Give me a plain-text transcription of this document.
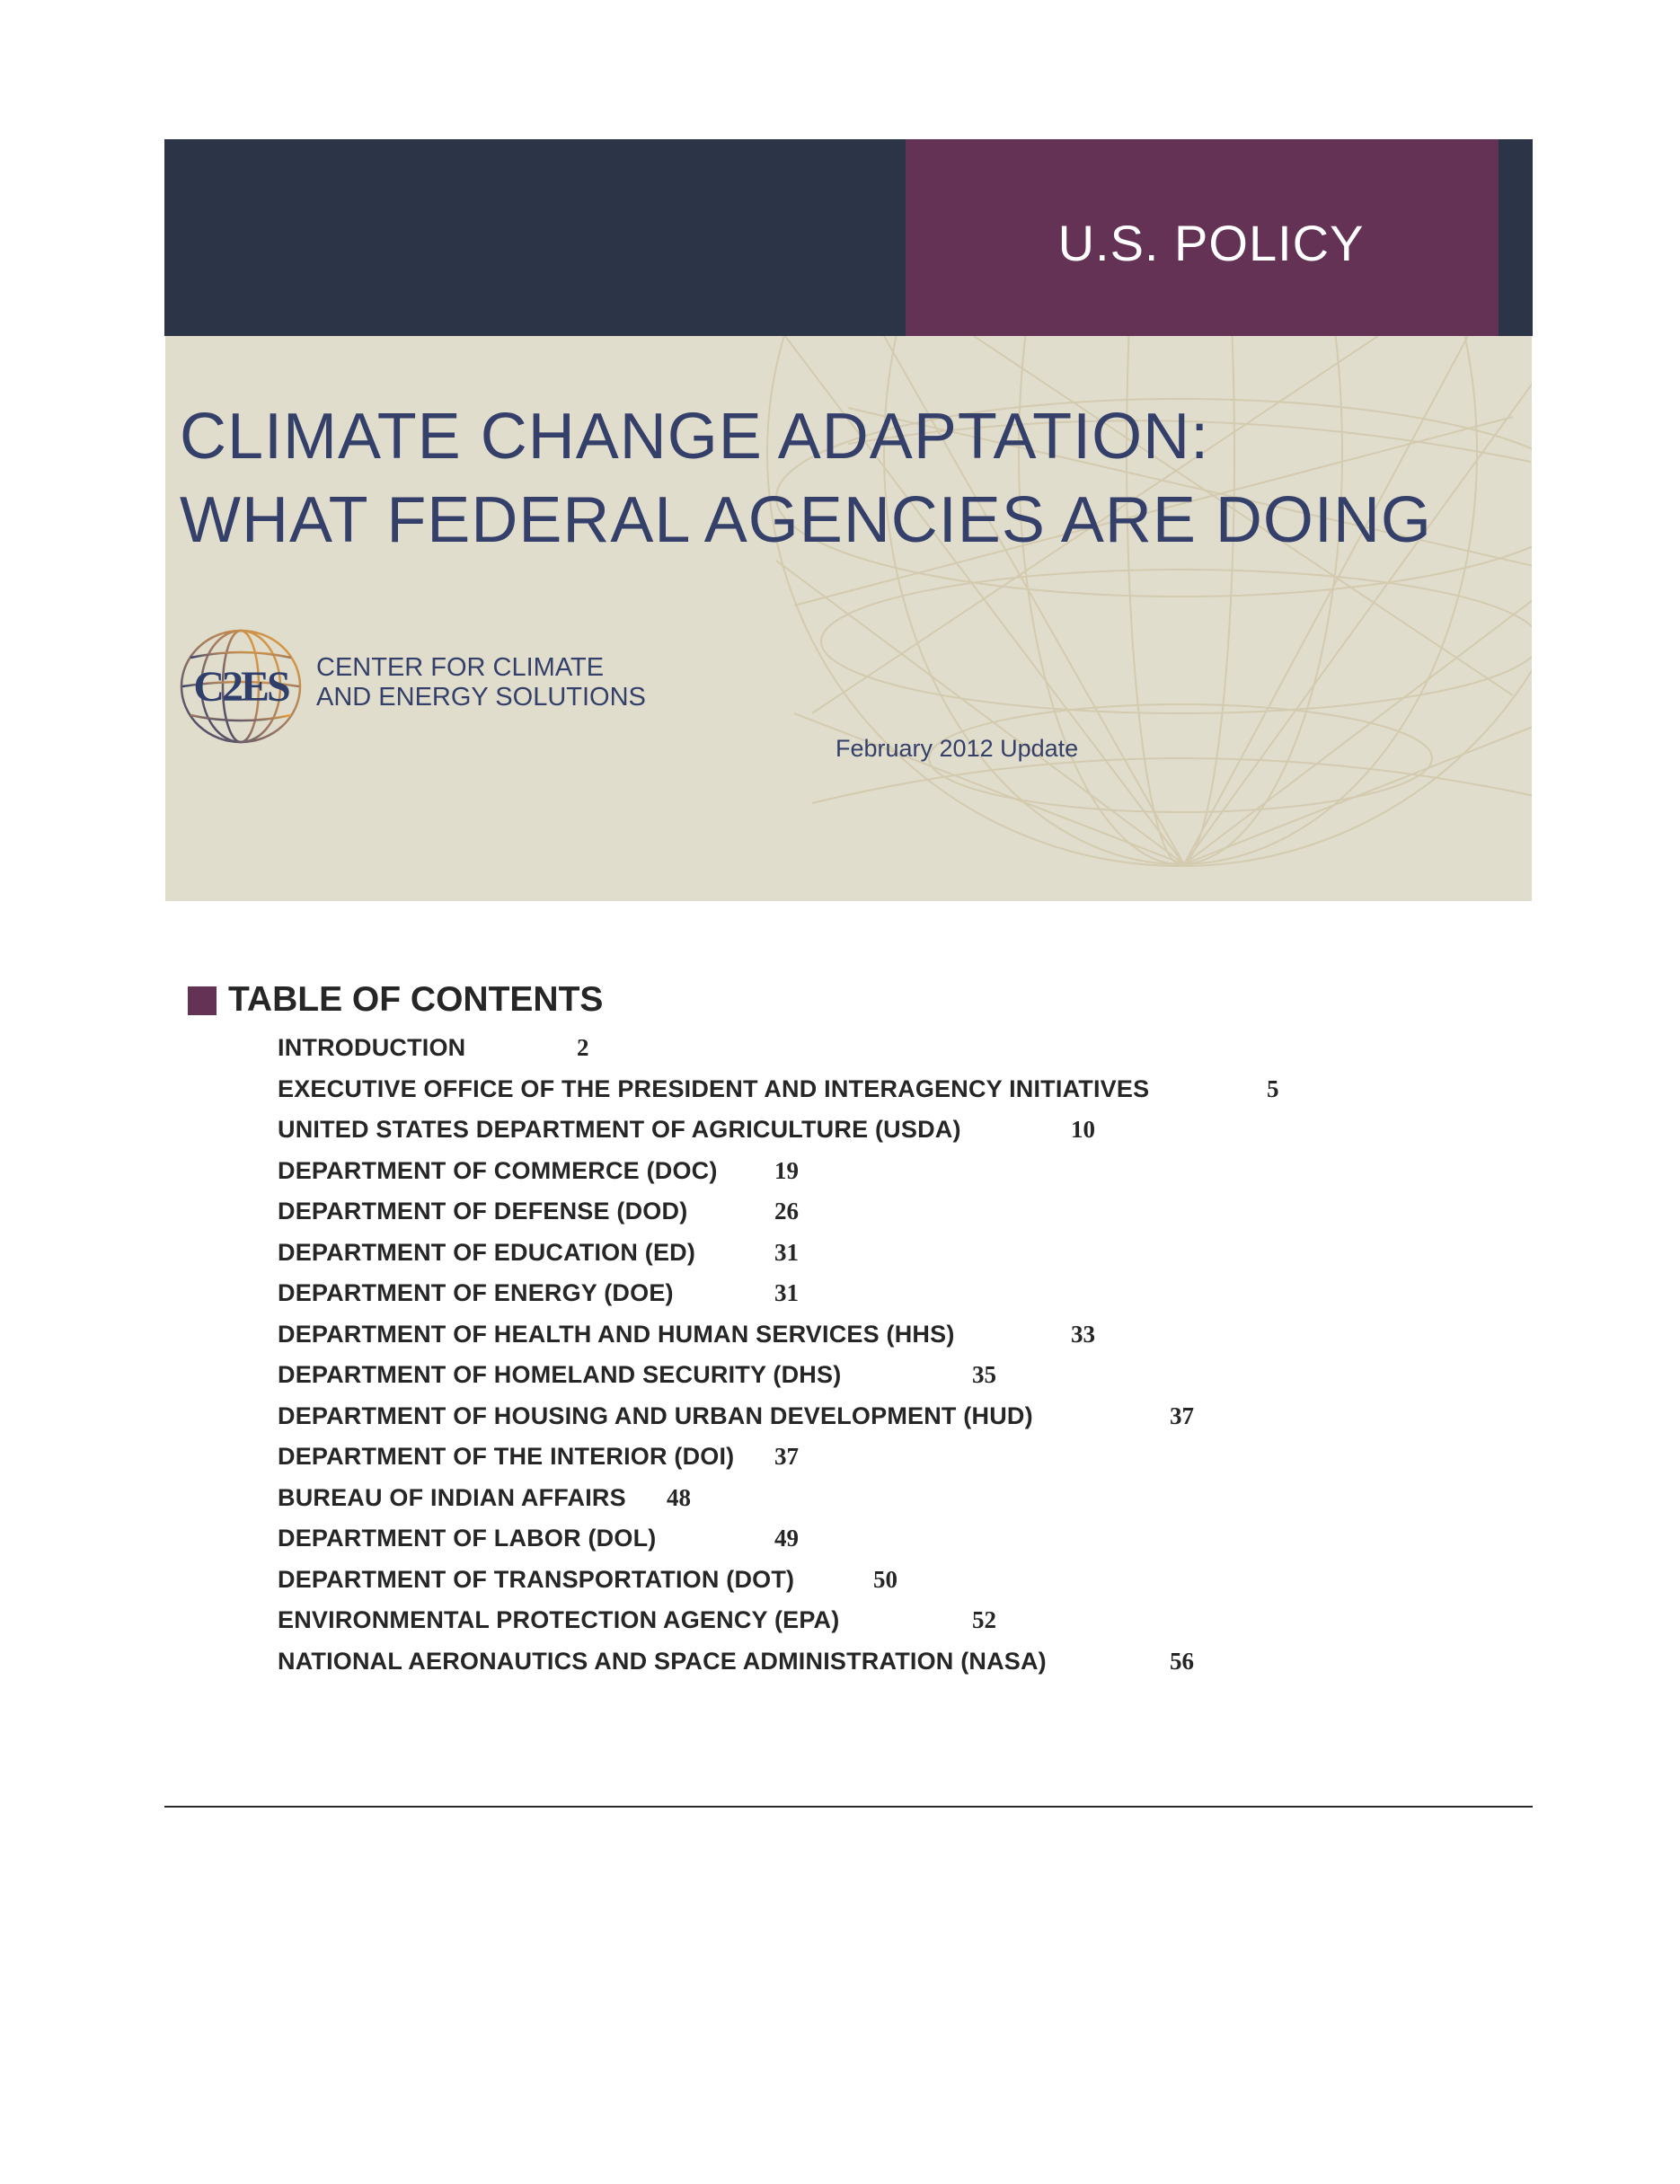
U.S. POLICY
CLIMATE CHANGE ADAPTATION:
WHAT FEDERAL AGENCIES ARE DOING
C2ES CENTER FOR CLIMATE
AND ENERGY SOLUTIONS
February 2012 Update
TABLE OF CONTENTS
INTRODUCTION	2
EXECUTIVE OFFICE OF THE PRESIDENT AND INTERAGENCY INITIATIVES	5
UNITED STATES DEPARTMENT OF AGRICULTURE (USDA)	10
DEPARTMENT OF COMMERCE (DOC) 19
DEPARTMENT OF DEFENSE (DOD)	26
DEPARTMENT OF EDUCATION (ED)	31
DEPARTMENT OF ENERGY (DOE)	31
DEPARTMENT OF HEALTH AND HUMAN SERVICES (HHS)	33
DEPARTMENT OF HOMELAND SECURITY (DHS)	35
DEPARTMENT OF HOUSING AND URBAN DEVELOPMENT (HUD)	37
DEPARTMENT OF THE INTERIOR (DOI) 37
BUREAU OF INDIAN AFFAIRS 48
DEPARTMENT OF LABOR (DOL)	49
DEPARTMENT OF TRANSPORTATION (DOT)	50
ENVIRONMENTAL PROTECTION AGENCY (EPA)	52
NATIONAL AERONAUTICS AND SPACE ADMINISTRATION (NASA)	56
